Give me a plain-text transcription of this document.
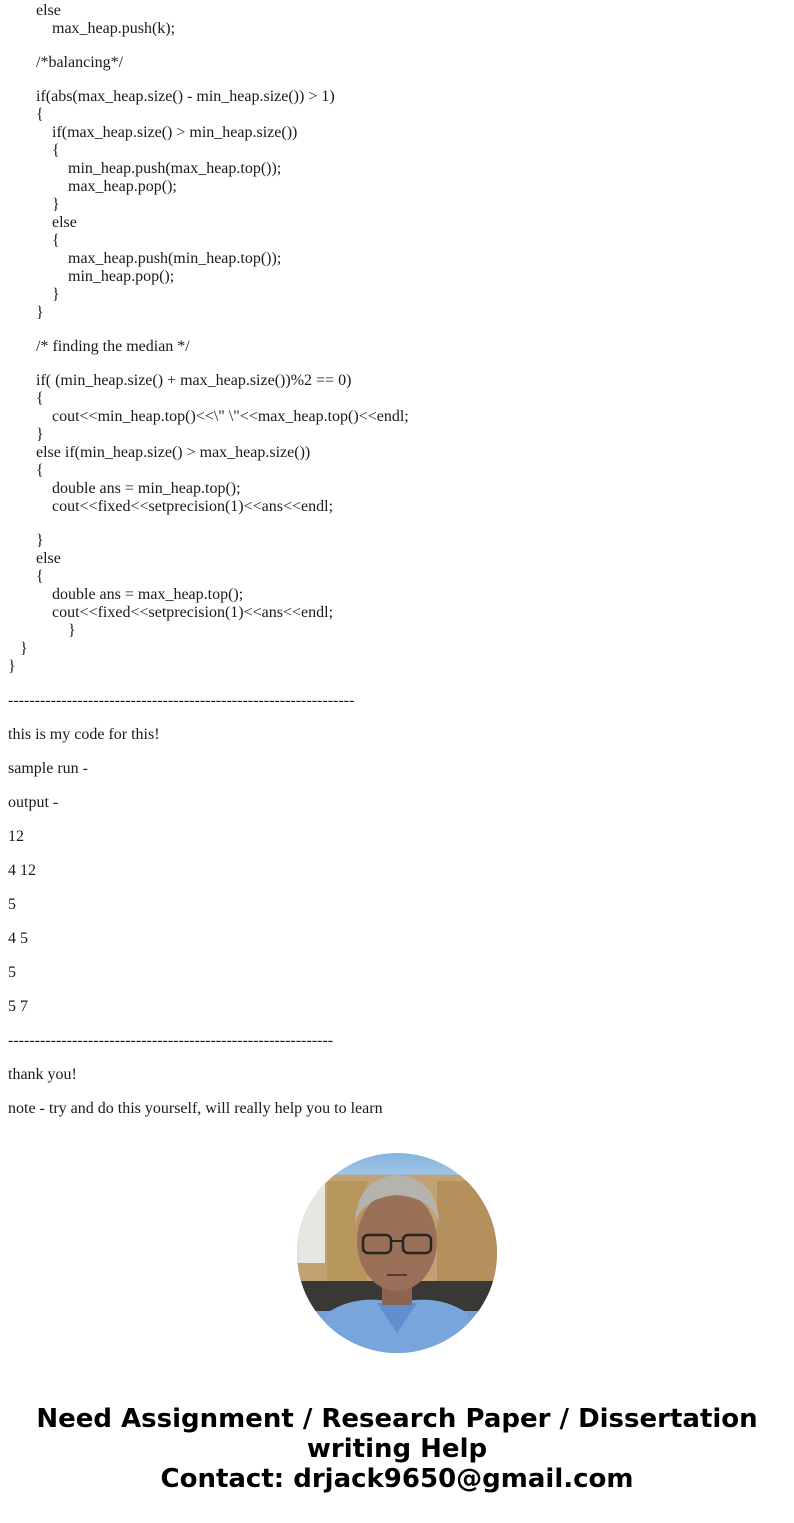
else
max_heap.push(k);
/*balancing*/
if(abs(max_heap.size() - min_heap.size()) > 1)
{
if(max_heap.size() > min_heap.size())
{
min_heap.push(max_heap.top());
max_heap.pop();
}
else
{
max_heap.push(min_heap.top());
min_heap.pop();
}
}
/* finding the median */
if( (min_heap.size() + max_heap.size())%2 == 0)
{
cout<<min_heap.top()<<\" \"<<max_heap.top()<<endl;
}
else if(min_heap.size() > max_heap.size())
{
double ans = min_heap.top();
cout<<fixed<<setprecision(1)<<ans<<endl;
}
else
{
double ans = max_heap.top();
cout<<fixed<<setprecision(1)<<ans<<endl;
}
}
}
-----------------------------------------------------------------
this is my code for this!
sample run -
output -
12
4 12
5
4 5
5
5 7
-------------------------------------------------------------
thank you!
note - try and do this yourself, will really help you to learn
Need Assignment / Research Paper / Dissertation
writing Help
Contact: drjack9650@gmail.com
